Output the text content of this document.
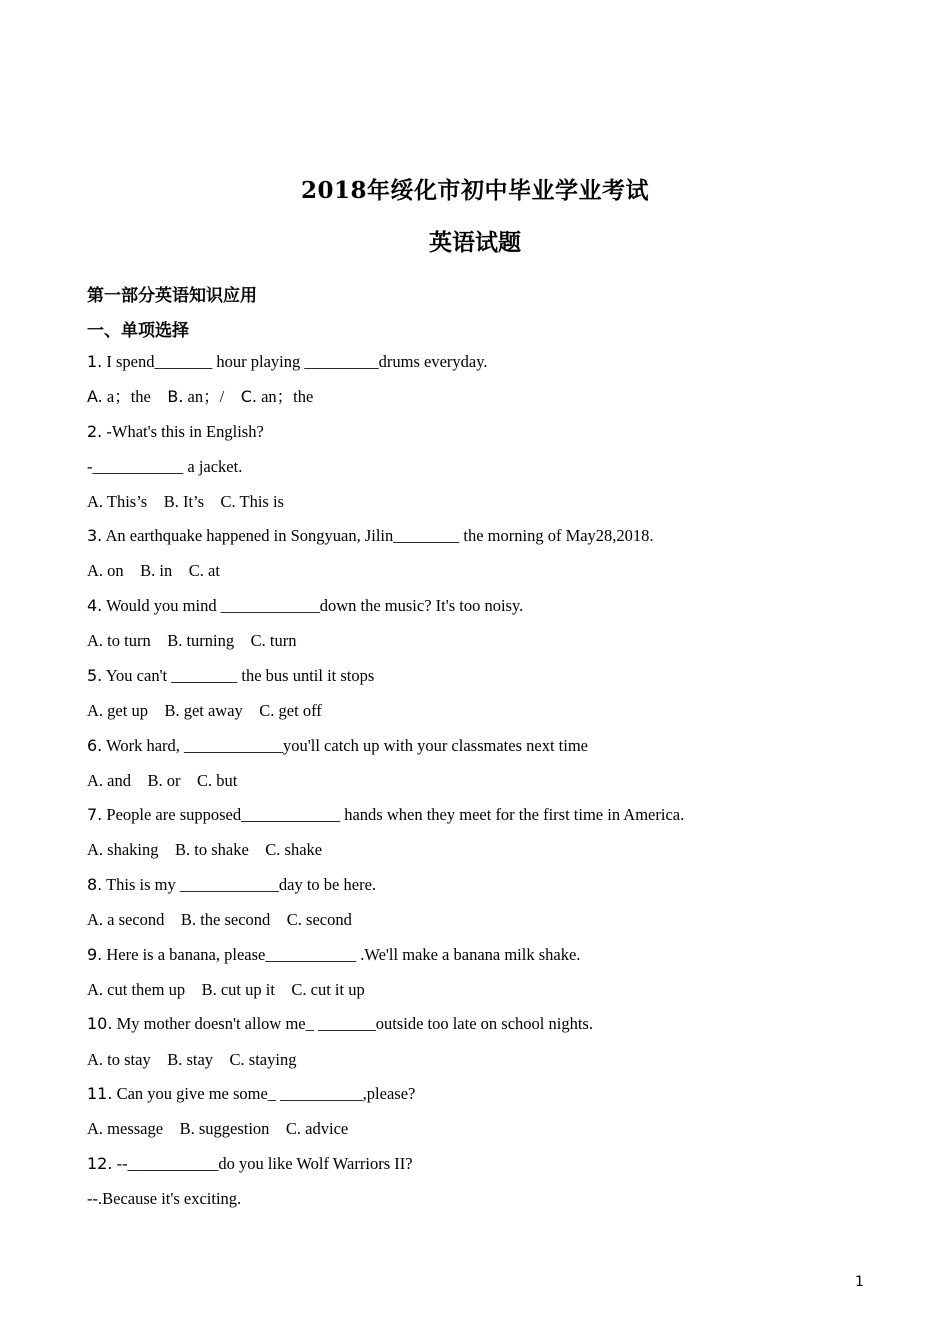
2018年绥化市初中毕业学业考试
英语试题
第一部分英语知识应用
一、单项选择
1. I spend_______ hour playing _________drums everyday.
A. a；the    B. an；/    C. an；the
2. -What's this in English?
-___________ a jacket.
A. This’s    B. It’s    C. This is
3. An earthquake happened in Songyuan, Jilin________ the morning of May28,2018.
A. on    B. in    C. at
4. Would you mind ____________down the music? It's too noisy.
A. to turn    B. turning    C. turn
5. You can't ________ the bus until it stops
A. get up    B. get away    C. get off
6. Work hard, ____________you'll catch up with your classmates next time
A. and    B. or    C. but
7. People are supposed____________ hands when they meet for the first time in America.
A. shaking    B. to shake    C. shake
8. This is my ____________day to be here.
A. a second    B. the second    C. second
9. Here is a banana, please___________ .We'll make a banana milk shake.
A. cut them up    B. cut up it    C. cut it up
10. My mother doesn't allow me_ _______outside too late on school nights.
A. to stay    B. stay    C. staying
11. Can you give me some_ __________,please?
A. message    B. suggestion    C. advice
12. --___________do you like Wolf Warriors II?
--.Because it's exciting.
1
